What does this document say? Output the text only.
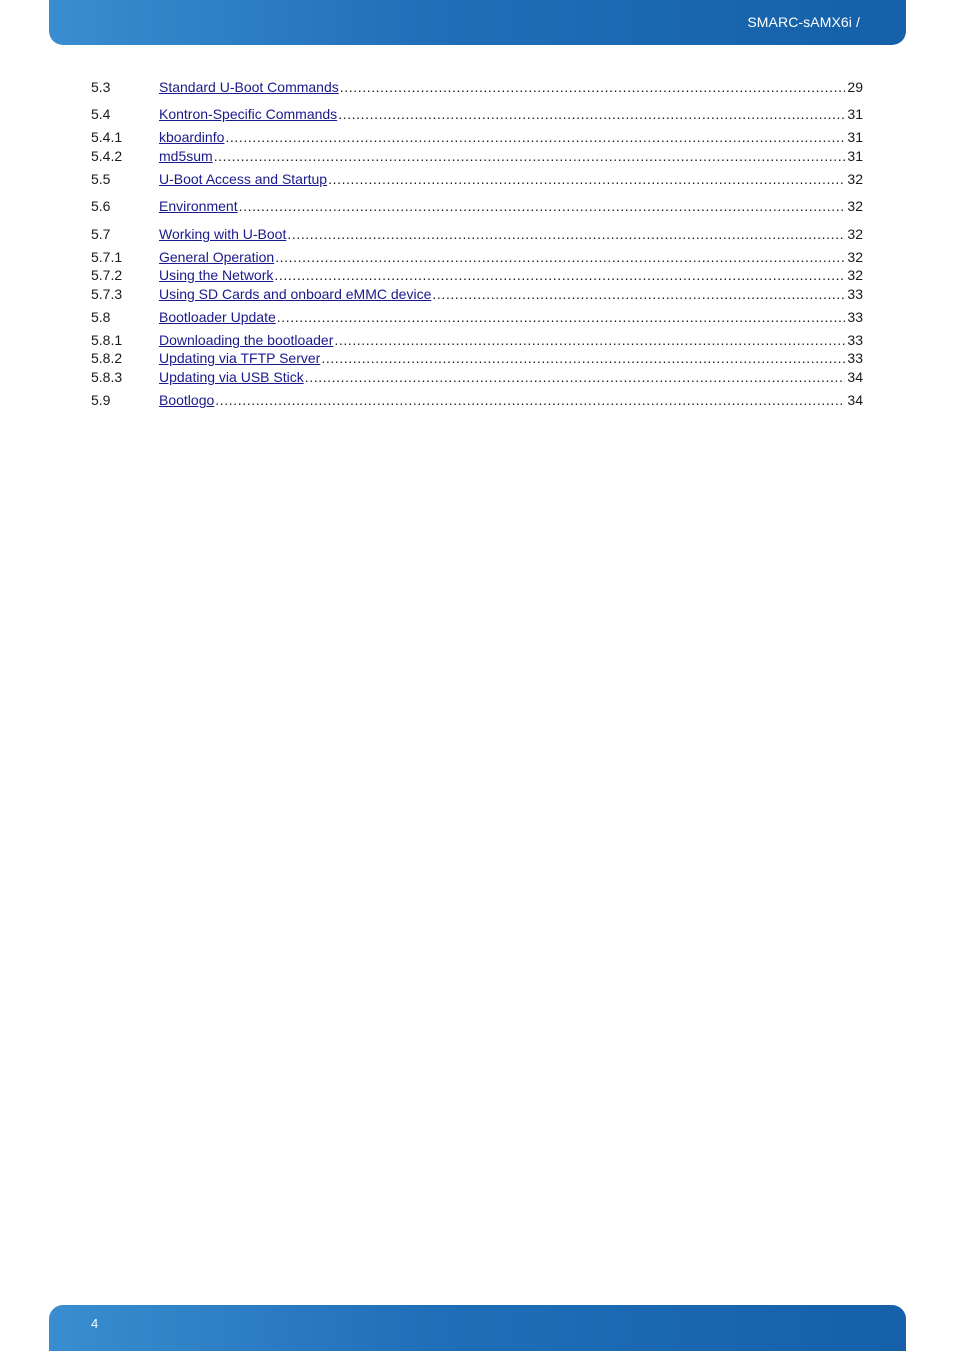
SMARC-sAMX6i /
5.3	Standard U-Boot Commands .....	29
5.4	Kontron-Specific Commands .....	31
5.4.1	kboardinfo .....	31
5.4.2	md5sum .....	31
5.5	U-Boot Access and Startup .....	32
5.6	Environment .....	32
5.7	Working with U-Boot .....	32
5.7.1	General Operation .....	32
5.7.2	Using the Network .....	32
5.7.3	Using SD Cards and onboard eMMC device .....	33
5.8	Bootloader Update .....	33
5.8.1	Downloading the bootloader .....	33
5.8.2	Updating via TFTP Server .....	33
5.8.3	Updating via USB Stick .....	34
5.9	Bootlogo .....	34
4
